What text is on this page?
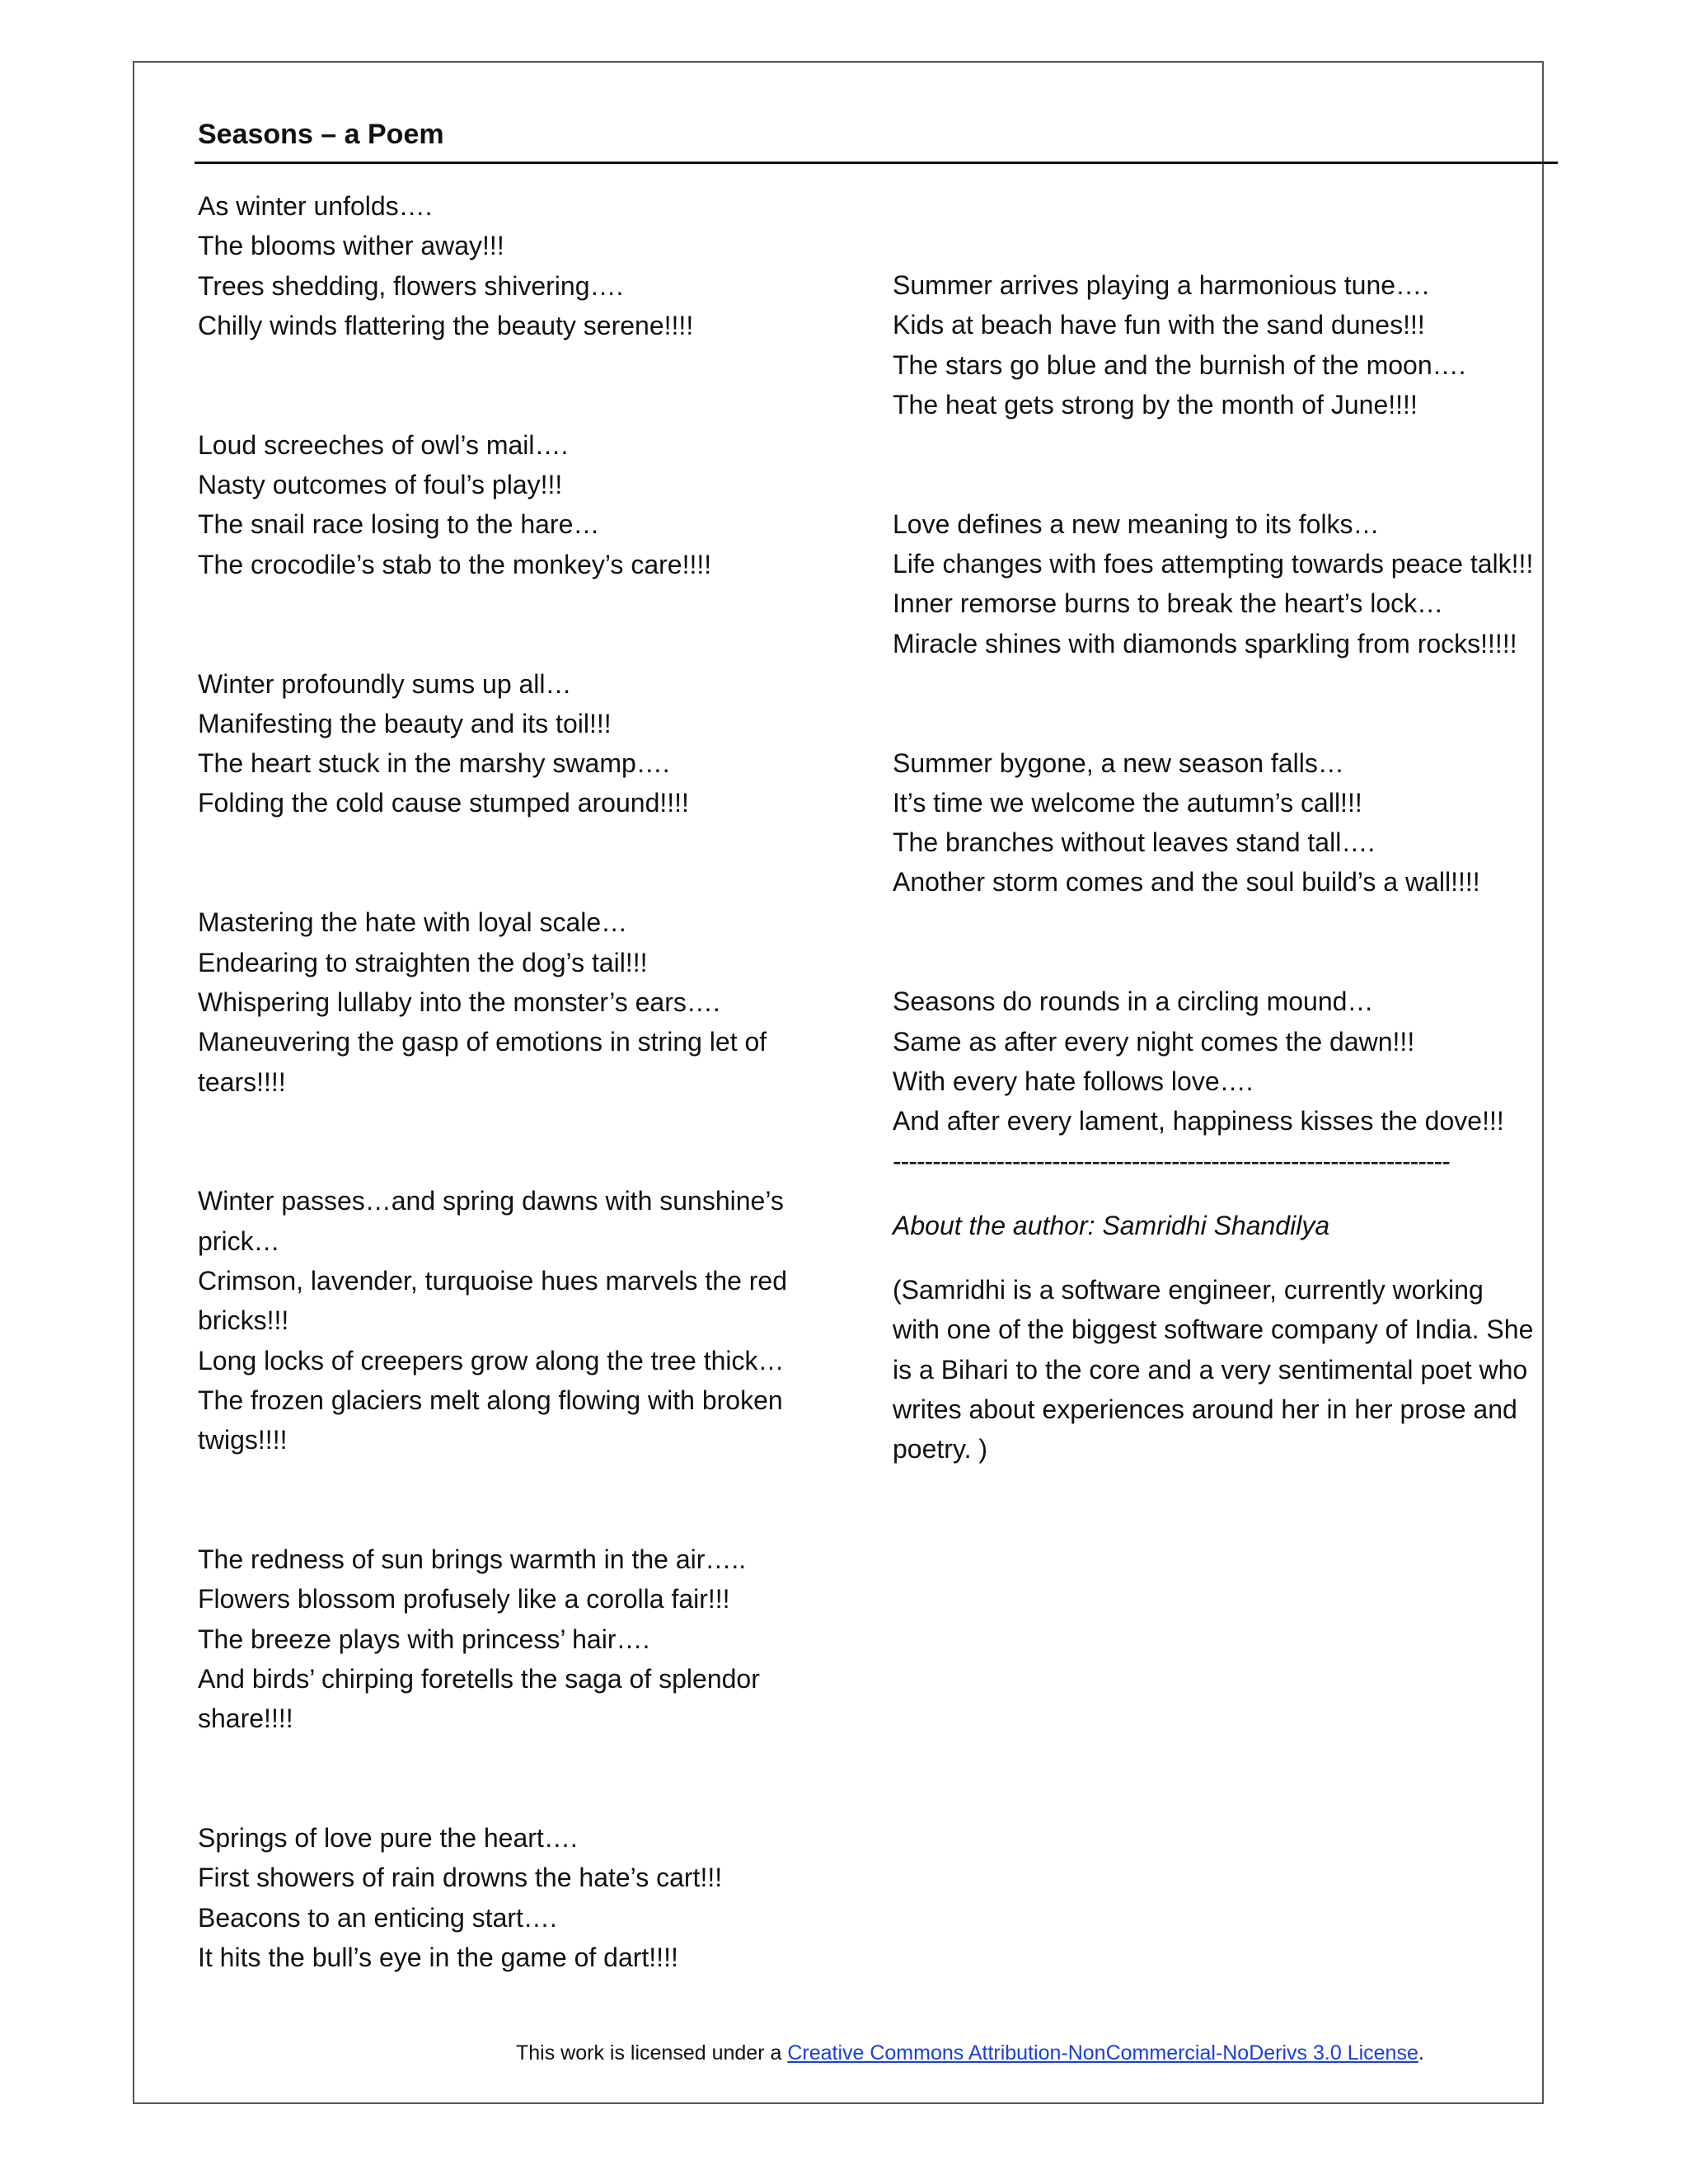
Seasons – a Poem

As winter unfolds….
The blooms wither away!!!
Trees shedding, flowers shivering….
Chilly winds flattering the beauty serene!!!!

Loud screeches of owl’s mail….
Nasty outcomes of foul’s play!!!
The snail race losing to the hare…
The crocodile’s stab to the monkey’s care!!!!

Winter profoundly sums up all…
Manifesting the beauty and its toil!!!
The heart stuck in the marshy swamp….
Folding the cold cause stumped around!!!!

Mastering the hate with loyal scale…
Endearing to straighten the dog’s tail!!!
Whispering lullaby into the monster’s ears….
Maneuvering the gasp of emotions in string let of tears!!!!

Winter passes…and spring dawns with sunshine’s prick…
Crimson, lavender, turquoise hues marvels the red bricks!!!
Long locks of creepers grow along the tree thick…
The frozen glaciers melt along flowing with broken twigs!!!!

The redness of sun brings warmth in the air…..
Flowers blossom profusely like a corolla fair!!!
The breeze plays with princess’ hair….
And birds’ chirping foretells the saga of splendor share!!!!

Springs of love pure the heart….
First showers of rain drowns the hate’s cart!!!
Beacons to an enticing start….
It hits the bull’s eye in the game of dart!!!!

Summer arrives playing a harmonious tune….
Kids at beach have fun with the sand dunes!!!
The stars go blue and the burnish of the moon….
The heat gets strong by the month of June!!!!

Love defines a new meaning to its folks…
Life changes with foes attempting towards peace talk!!!
Inner remorse burns to break the heart’s lock…
Miracle shines with diamonds sparkling from rocks!!!!!

Summer bygone, a new season falls…
It’s time we welcome the autumn’s call!!!
The branches without leaves stand tall….
Another storm comes and the soul build’s a wall!!!!

Seasons do rounds in a circling mound…
Same as after every night comes the dawn!!!
With every hate follows love….
And after every lament, happiness kisses the dove!!!

----------------------------------------------------------------------
About the author: Samridhi Shandilya
(Samridhi is a software engineer, currently working with one of the biggest software company of India. She is a Bihari to the core and a very sentimental poet who writes about experiences around her in her prose and poetry. )
This work is licensed under a Creative Commons Attribution-NonCommercial-NoDerivs 3.0 License.
